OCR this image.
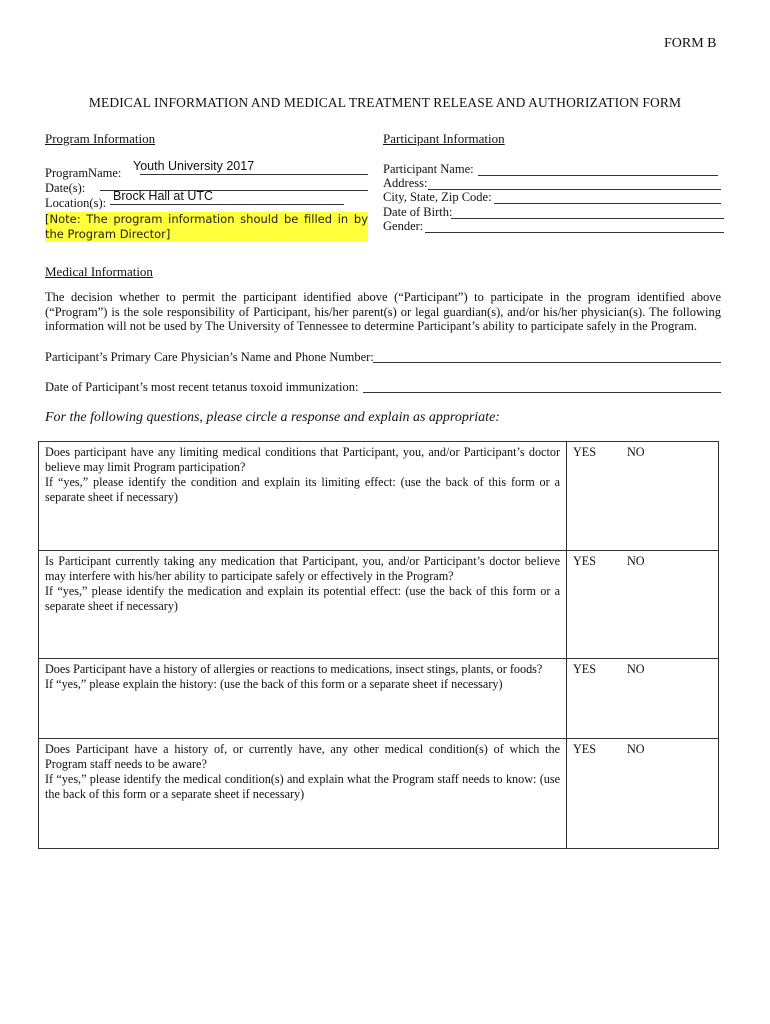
FORM B
MEDICAL INFORMATION AND MEDICAL TREATMENT RELEASE AND AUTHORIZATION FORM
Program Information
ProgramName: Youth University 2017
Date(s):
Location(s): Brock Hall at UTC
[Note: The program information should be filled in by the Program Director]
Participant Information
Participant Name:
Address:
City, State, Zip Code:
Date of Birth:
Gender:
Medical Information
The decision whether to permit the participant identified above (“Participant”) to participate in the program identified above (“Program”) is the sole responsibility of Participant, his/her parent(s) or legal guardian(s), and/or his/her physician(s). The following information will not be used by The University of Tennessee to determine Participant’s ability to participate safely in the Program.
Participant’s Primary Care Physician’s Name and Phone Number:
Date of Participant’s most recent tetanus toxoid immunization:
For the following questions, please circle a response and explain as appropriate:
Does participant have any limiting medical conditions that Participant, you, and/or Participant’s doctor believe may limit Program participation?
If “yes,” please identify the condition and explain its limiting effect: (use the back of this form or a separate sheet if necessary)	YES NO

Is Participant currently taking any medication that Participant, you, and/or Participant’s doctor believe may interfere with his/her ability to participate safely or effectively in the Program?
If “yes,” please identify the medication and explain its potential effect: (use the back of this form or a separate sheet if necessary)	YES NO

Does Participant have a history of allergies or reactions to medications, insect stings, plants, or foods?
If “yes,” please explain the history: (use the back of this form or a separate sheet if necessary)	YES NO

Does Participant have a history of, or currently have, any other medical condition(s) of which the Program staff needs to be aware?
If “yes,” please identify the medical condition(s) and explain what the Program staff needs to know: (use the back of this form or a separate sheet if necessary)	YES NO
